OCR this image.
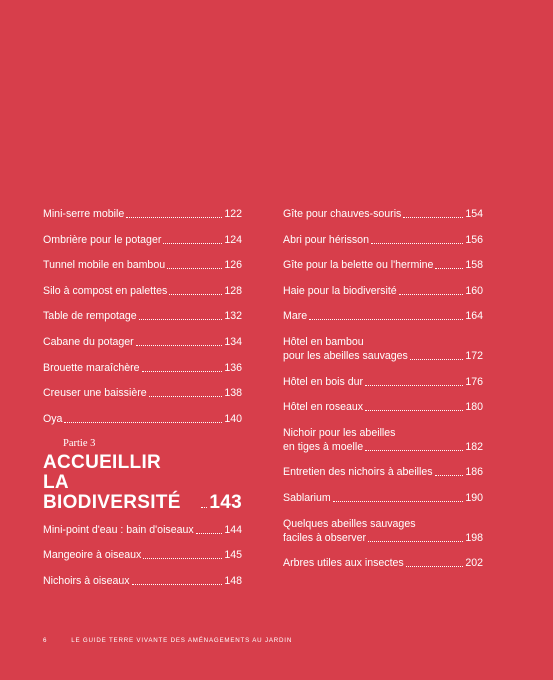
Mini-serre mobile	122
Ombrière pour le potager	124
Tunnel mobile en bambou	126
Silo à compost en palettes	128
Table de rempotage	132
Cabane du potager	134
Brouette maraîchère	136
Creuser une baissière	138
Oya	140
Partie 3
ACCUEILLIR
LA BIODIVERSITÉ	143
Mini-point d'eau : bain d'oiseaux	144
Mangeoire à oiseaux	145
Nichoirs à oiseaux	148
Gîte pour chauves-souris	154
Abri pour hérisson	156
Gîte pour la belette ou l'hermine	158
Haie pour la biodiversité	160
Mare	164
Hôtel en bambou
pour les abeilles sauvages	172
Hôtel en bois dur	176
Hôtel en roseaux	180
Nichoir pour les abeilles
en tiges à moelle	182
Entretien des nichoirs à abeilles	186
Sablarium	190
Quelques abeilles sauvages
faciles à observer	198
Arbres utiles aux insectes	202
6	LE GUIDE TERRE VIVANTE DES AMÉNAGEMENTS AU JARDIN
